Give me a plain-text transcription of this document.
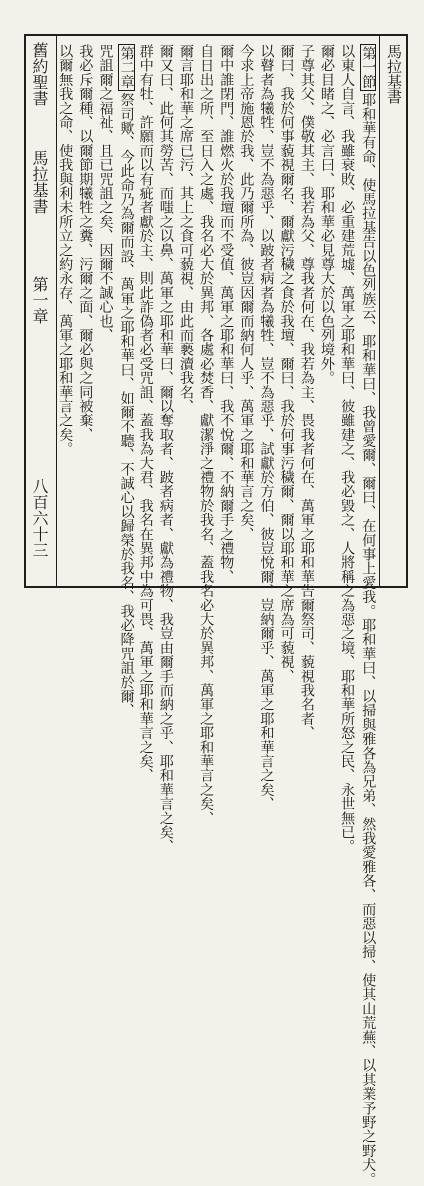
馬拉基書
舊約聖書
馬拉基書
第一章
八百六十三
第一節耶和華有命、使馬拉基告以色列族云、耶和華曰、我曾愛爾、爾曰、在何事上愛我。耶和華曰、以掃與雅各為兄弟、然我愛雅各、而惡以掃、使其山荒蕪、以其業予野之野犬。
以東人自言、我雖衰敗、必重建荒墟、萬軍之耶和華曰、彼雖建之、我必毀之、人將稱之為惡之境、耶和華所怒之民、永世無已。
爾必目睹之、必言曰、耶和華必見尊大於以色列境外。
子尊其父、僕敬其主、我若為父、尊我者何在、我若為主、畏我者何在、萬軍之耶和華告爾祭司、藐視我名者、
爾曰、我於何事藐視爾名、爾獻污穢之食於我壇、爾曰、我於何事污穢爾、爾以耶和華之席為可藐視、
以瞽者為犧牲、豈不為惡乎、以跛者病者為犧牲、豈不為惡乎、試獻於方伯、彼豈悅爾、豈納爾乎、萬軍之耶和華言之矣、
今求上帝施恩於我、此乃爾所為、彼豈因爾而納何人乎、萬軍之耶和華言之矣、
爾中誰閉門、誰燃火於我壇而不受值、萬軍之耶和華曰、我不悅爾、不納爾手之禮物、
自日出之所、至日入之處、我名必大於異邦、各處必焚香、獻潔淨之禮物於我名、蓋我名必大於異邦、萬軍之耶和華言之矣、
爾言耶和華之席已污、其上之食可藐視、由此而褻瀆我名、
爾又曰、此何其勞苦、而嗤之以鼻、萬軍之耶和華曰、爾以奪取者、跛者病者、獻為禮物、我豈由爾手而納之乎、耶和華言之矣、
群中有牡、許願而以有疵者獻於主、則此詐偽者必受咒詛、蓋我為大君、我名在異邦中為可畏、萬軍之耶和華言之矣、
第二章祭司歟、今此命乃為爾而設、萬軍之耶和華曰、如爾不聽、不誠心以歸榮於我名、我必降咒詛於爾、
咒詛爾之福祉、且已咒詛之矣、因爾不誠心也、
我必斥爾種、以爾節期犧牲之糞、污爾之面、爾必與之同被棄、
以爾無我之命、使我與利未所立之約永存、萬軍之耶和華言之矣。
